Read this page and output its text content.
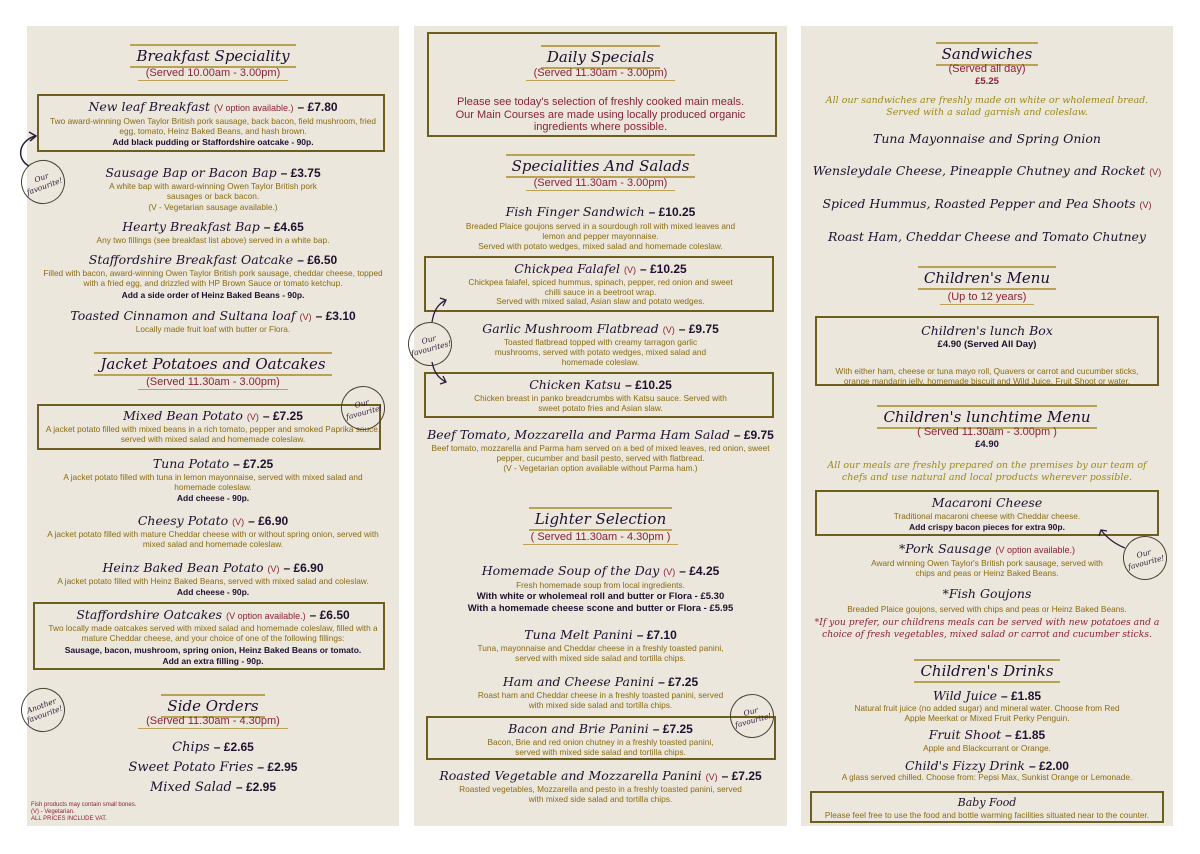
Breakfast Speciality
(Served 10.00am - 3.00pm)
New leaf Breakfast (V option available.) – £7.80
Two award-winning Owen Taylor British pork sausage, back bacon, field mushroom, fried egg, tomato, Heinz Baked Beans, and hash brown.
Add black pudding or Staffordshire oatcake - 90p.
Sausage Bap or Bacon Bap – £3.75
A white bap with award-winning Owen Taylor British pork sausages or back bacon.
(V - Vegetarian sausage available.)
Hearty Breakfast Bap – £4.65
Any two fillings (see breakfast list above) served in a white bap.
Staffordshire Breakfast Oatcake – £6.50
Filled with bacon, award-winning Owen Taylor British pork sausage, cheddar cheese, topped with a fried egg, and drizzled with HP Brown Sauce or tomato ketchup.
Add a side order of Heinz Baked Beans - 90p.
Toasted Cinnamon and Sultana loaf (V) – £3.10
Locally made fruit loaf with butter or Flora.
Jacket Potatoes and Oatcakes
(Served 11.30am - 3.00pm)
Mixed Bean Potato (V) – £7.25
A jacket potato filled with mixed beans in a rich tomato, pepper and smoked Paprika sauce, served with mixed salad and homemade coleslaw.
Tuna Potato – £7.25
A jacket potato filled with tuna in lemon mayonnaise, served with mixed salad and homemade coleslaw.
Add cheese - 90p.
Cheesy Potato (V) – £6.90
A jacket potato filled with mature Cheddar cheese with or without spring onion, served with mixed salad and homemade coleslaw.
Heinz Baked Bean Potato (V) – £6.90
A jacket potato filled with Heinz Baked Beans, served with mixed salad and coleslaw.
Add cheese - 90p.
Staffordshire Oatcakes (V option available.) – £6.50
Two locally made oatcakes served with mixed salad and homemade coleslaw, filled with a mature Cheddar cheese, and your choice of one of the following fillings:
Sausage, bacon, mushroom, spring onion, Heinz Baked Beans or tomato.
Add an extra filling - 90p.
Side Orders
(Served 11.30am - 4.30pm)
Chips – £2.65
Sweet Potato Fries – £2.95
Mixed Salad – £2.95
Fish products may contain small bones.
(V) - Vegetarian.
ALL PRICES INCLUDE VAT.
Our favourite!
Our favourite!
Another favourite!
Daily Specials
(Served 11.30am - 3.00pm)
Please see today's selection of freshly cooked main meals. Our Main Courses are made using locally produced organic ingredients where possible.
Specialities And Salads
(Served 11.30am - 3.00pm)
Fish Finger Sandwich – £10.25
Breaded Plaice goujons served in a sourdough roll with mixed leaves and lemon and pepper mayonnaise.
Served with potato wedges, mixed salad and homemade coleslaw.
Chickpea Falafel (V) – £10.25
Chickpea falafel, spiced hummus, spinach, pepper, red onion and sweet chilli sauce in a beetroot wrap.
Served with mixed salad, Asian slaw and potato wedges.
Garlic Mushroom Flatbread (V) – £9.75
Toasted flatbread topped with creamy tarragon garlic mushrooms, served with potato wedges, mixed salad and homemade coleslaw.
Chicken Katsu – £10.25
Chicken breast in panko breadcrumbs with Katsu sauce. Served with sweet potato fries and Asian slaw.
Beef Tomato, Mozzarella and Parma Ham Salad – £9.75
Beef tomato, mozzarella and Parma ham served on a bed of mixed leaves, red onion, sweet pepper, cucumber and basil pesto, served with flatbread.
(V - Vegetarian option available without Parma ham.)
Lighter Selection
( Served 11.30am - 4.30pm )
Homemade Soup of the Day (V) – £4.25
Fresh homemade soup from local ingredients.
With white or wholemeal roll and butter or Flora - £5.30
With a homemade cheese scone and butter or Flora - £5.95
Tuna Melt Panini – £7.10
Tuna, mayonnaise and Cheddar cheese in a freshly toasted panini, served with mixed side salad and tortilla chips.
Ham and Cheese Panini – £7.25
Roast ham and Cheddar cheese in a freshly toasted panini, served with mixed side salad and tortilla chips.
Bacon and Brie Panini – £7.25
Bacon, Brie and red onion chutney in a freshly toasted panini, served with mixed side salad and tortilla chips.
Roasted Vegetable and Mozzarella Panini (V) – £7.25
Roasted vegetables, Mozzarella and pesto in a freshly toasted panini, served with mixed side salad and tortilla chips.
Our favourites!
Our favourite!
Sandwiches
(Served all day)
£5.25
All our sandwiches are freshly made on white or wholemeal bread. Served with a salad garnish and coleslaw.
Tuna Mayonnaise and Spring Onion
Wensleydale Cheese, Pineapple Chutney and Rocket (V)
Spiced Hummus, Roasted Pepper and Pea Shoots (V)
Roast Ham, Cheddar Cheese and Tomato Chutney
Children's Menu
(Up to 12 years)
Children's lunch Box
£4.90 (Served All Day)
With either ham, cheese or tuna mayo roll, Quavers or carrot and cucumber sticks, orange mandarin jelly, homemade biscuit and Wild Juice, Fruit Shoot or water.
Children's lunchtime Menu
( Served 11.30am - 3.00pm )
£4.90
All our meals are freshly prepared on the premises by our team of chefs and use natural and local products wherever possible.
Macaroni Cheese
Traditional macaroni cheese with Cheddar cheese.
Add crispy bacon pieces for extra 90p.
*Pork Sausage (V option available.)
Award winning Owen Taylor's British pork sausage, served with chips and peas or Heinz Baked Beans.
*Fish Goujons
Breaded Plaice goujons, served with chips and peas or Heinz Baked Beans.
*If you prefer, our childrens meals can be served with new potatoes and a choice of fresh vegetables, mixed salad or carrot and cucumber sticks.
Children's Drinks
Wild Juice – £1.85
Natural fruit juice (no added sugar) and mineral water. Choose from Red Apple Meerkat or Mixed Fruit Perky Penguin.
Fruit Shoot – £1.85
Apple and Blackcurrant or Orange.
Child's Fizzy Drink – £2.00
A glass served chilled. Choose from: Pepsi Max, Sunkist Orange or Lemonade.
Baby Food
Please feel free to use the food and bottle warming facilities situated near to the counter.
Our favourite!
